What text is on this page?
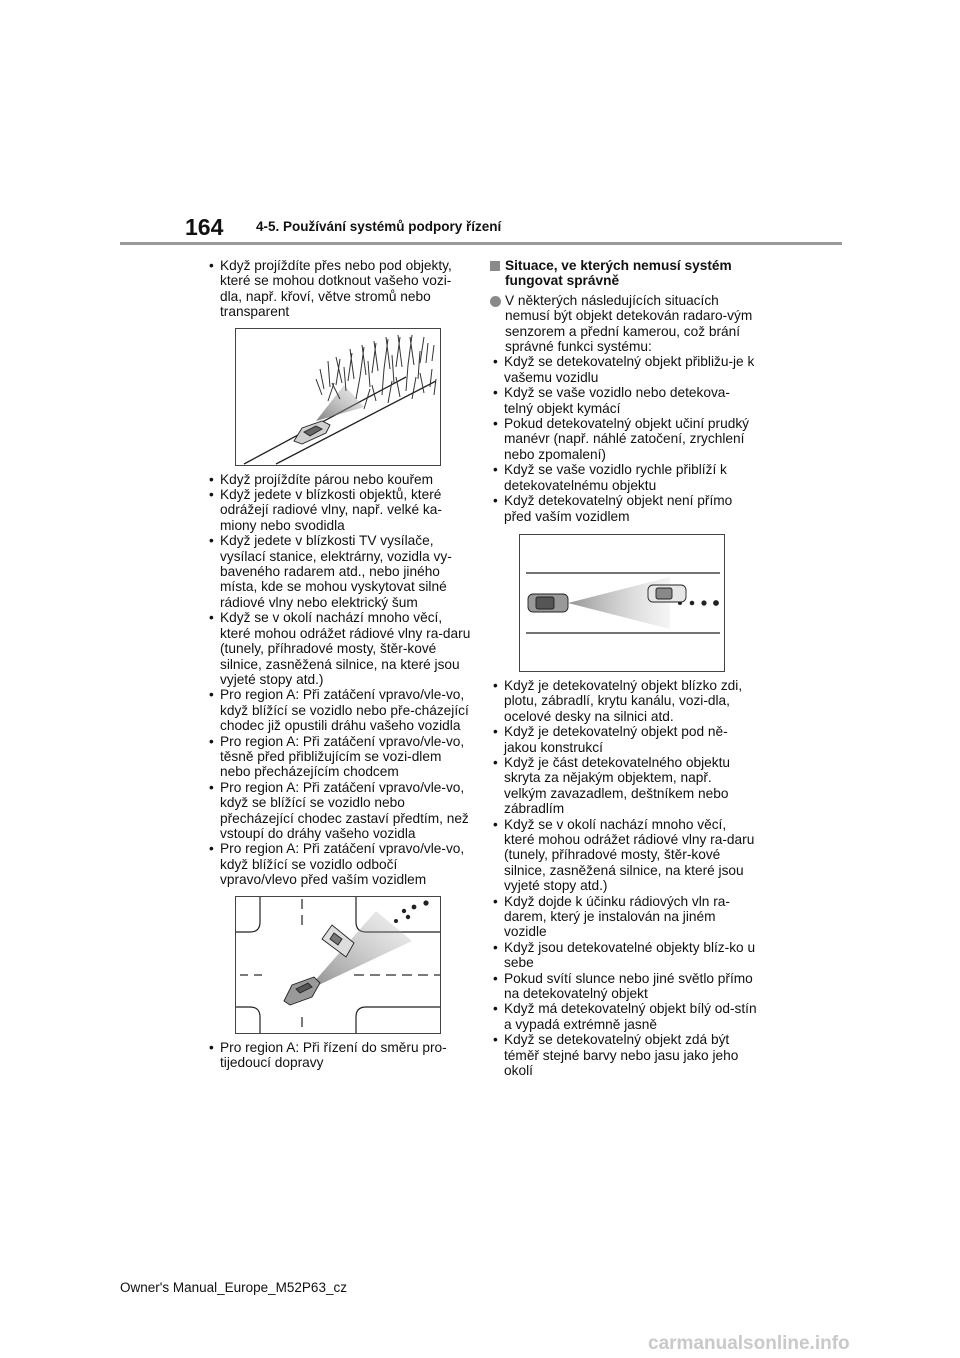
164 4-5. Používání systémů podpory řízení
• Když projíždíte přes nebo pod objekty, které se mohou dotknout vašeho vozi-dla, např. křoví, větve stromů nebo transparent
• Když projíždíte párou nebo kouřem
• Když jedete v blízkosti objektů, které odrážejí radiové vlny, např. velké ka-miony nebo svodidla
• Když jedete v blízkosti TV vysílače, vysílací stanice, elektrárny, vozidla vy-baveného radarem atd., nebo jiného místa, kde se mohou vyskytovat silné rádiové vlny nebo elektrický šum
• Když se v okolí nachází mnoho věcí, které mohou odrážet rádiové vlny ra-daru (tunely, příhradové mosty, štěr-kové silnice, zasněžená silnice, na které jsou vyjeté stopy atd.)
• Pro region A: Při zatáčení vpravo/vle-vo, když blížící se vozidlo nebo pře-cházející chodec již opustili dráhu vašeho vozidla
• Pro region A: Při zatáčení vpravo/vle-vo, těsně před přibližujícím se vozi-dlem nebo přecházejícím chodcem
• Pro region A: Při zatáčení vpravo/vle-vo, když se blížící se vozidlo nebo přecházející chodec zastaví předtím, než vstoupí do dráhy vašeho vozidla
• Pro region A: Při zatáčení vpravo/vle-vo, když blížící se vozidlo odbočí vpravo/vlevo před vaším vozidlem
• Pro region A: Při řízení do směru pro-tijedoucí dopravy
Situace, ve kterých nemusí systém fungovat správně
V některých následujících situacích nemusí být objekt detekován radaro-vým senzorem a přední kamerou, což brání správné funkci systému:
• Když se detekovatelný objekt přibližu-je k vašemu vozidlu
• Když se vaše vozidlo nebo detekova-telný objekt kymácí
• Pokud detekovatelný objekt učiní prudký manévr (např. náhlé zatočení, zrychlení nebo zpomalení)
• Když se vaše vozidlo rychle přiblíží k detekovatelnému objektu
• Když detekovatelný objekt není přímo před vaším vozidlem
• Když je detekovatelný objekt blízko zdi, plotu, zábradlí, krytu kanálu, vozi-dla, ocelové desky na silnici atd.
• Když je detekovatelný objekt pod ně-jakou konstrukcí
• Když je část detekovatelného objektu skryta za nějakým objektem, např. velkým zavazadlem, deštníkem nebo zábradlím
• Když se v okolí nachází mnoho věcí, které mohou odrážet rádiové vlny ra-daru (tunely, příhradové mosty, štěr-kové silnice, zasněžená silnice, na které jsou vyjeté stopy atd.)
• Když dojde k účinku rádiových vln ra-darem, který je instalován na jiném vozidle
• Když jsou detekovatelné objekty blíz-ko u sebe
• Pokud svítí slunce nebo jiné světlo přímo na detekovatelný objekt
• Když má detekovatelný objekt bílý od-stín a vypadá extrémně jasně
• Když se detekovatelný objekt zdá být téměř stejné barvy nebo jasu jako jeho okolí
Owner's Manual_Europe_M52P63_cz
carmanualsonline.info
